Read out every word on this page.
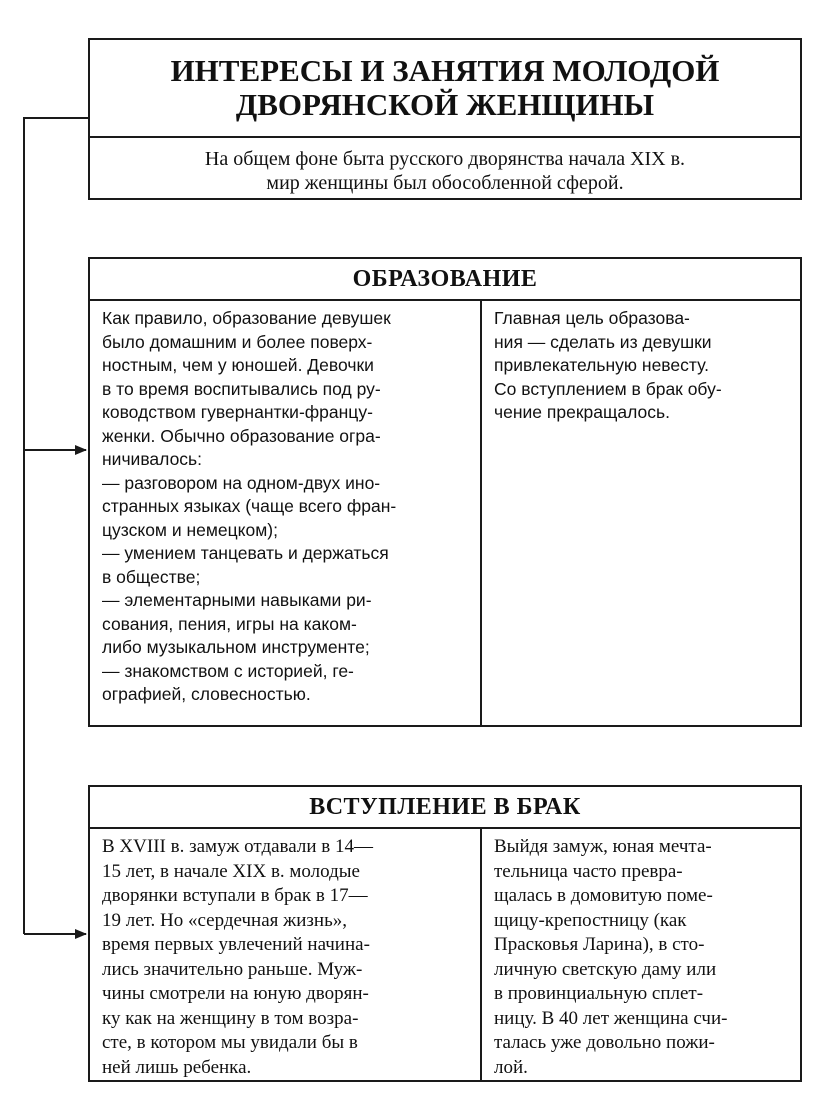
ИНТЕРЕСЫ И ЗАНЯТИЯ МОЛОДОЙ
ДВОРЯНСКОЙ ЖЕНЩИНЫ
На общем фоне быта русского дворянства начала XIX в.
мир женщины был обособленной сферой.
ОБРАЗОВАНИЕ
Как правило, образование девушек
было домашним и более поверх-
ностным, чем у юношей. Девочки
в то время воспитывались под ру-
ководством гувернантки-францу-
женки. Обычно образование огра-
ничивалось:
— разговором на одном-двух ино-
странных языках (чаще всего фран-
цузском и немецком);
— умением танцевать и держаться
в обществе;
— элементарными навыками ри-
сования, пения, игры на каком-
либо музыкальном инструменте;
— знакомством с историей, ге-
ографией, словесностью.
Главная цель образова-
ния — сделать из девушки
привлекательную невесту.
Со вступлением в брак обу-
чение прекращалось.
ВСТУПЛЕНИЕ В БРАК
В XVIII в. замуж отдавали в 14—
15 лет, в начале XIX в. молодые
дворянки вступали в брак в 17—
19 лет. Но «сердечная жизнь»,
время первых увлечений начина-
лись значительно раньше. Муж-
чины смотрели на юную дворян-
ку как на женщину в том возра-
сте, в котором мы увидали бы в
ней лишь ребенка.
Выйдя замуж, юная мечта-
тельница часто превра-
щалась в домовитую поме-
щицу-крепостницу (как
Прасковья Ларина), в сто-
личную светскую даму или
в провинциальную сплет-
ницу. В 40 лет женщина счи-
талась уже довольно пожи-
лой.
